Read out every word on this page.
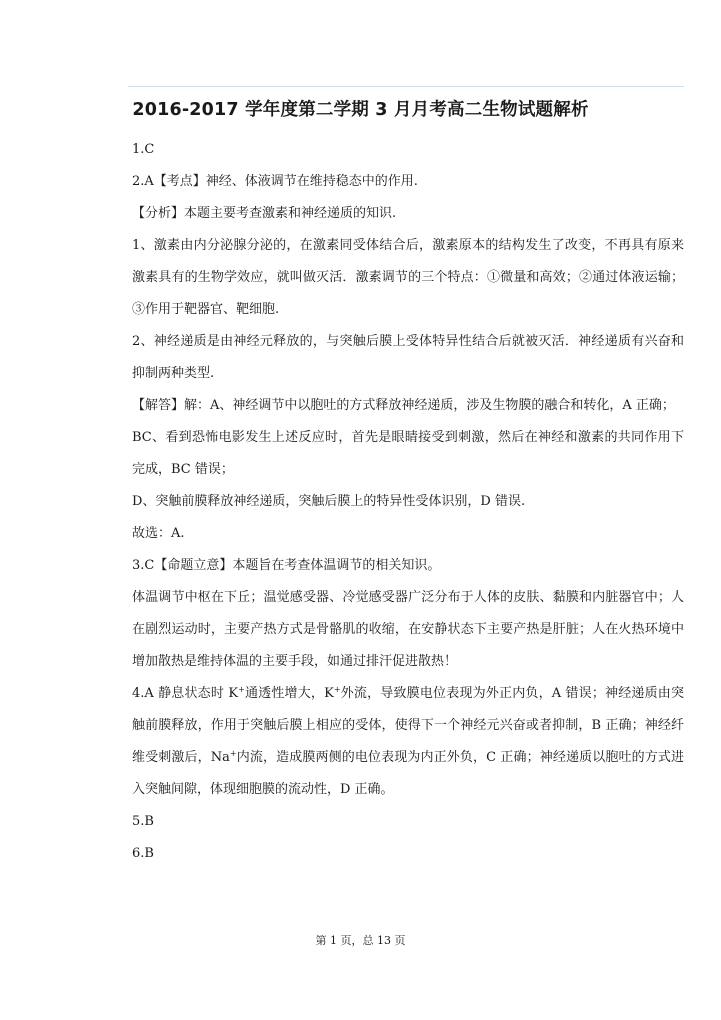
2016-2017 学年度第二学期 3 月月考高二生物试题解析

1.C

2.A【考点】神经、体液调节在维持稳态中的作用.

【分析】本题主要考查激素和神经递质的知识.

1、激素由内分泌腺分泌的，在激素同受体结合后，激素原本的结构发生了改变，不再具有原来激素具有的生物学效应，就叫做灭活．激素调节的三个特点：①微量和高效；②通过体液运输；③作用于靶器官、靶细胞.

2、神经递质是由神经元释放的，与突触后膜上受体特异性结合后就被灭活．神经递质有兴奋和抑制两种类型.

【解答】解：A、神经调节中以胞吐的方式释放神经递质，涉及生物膜的融合和转化，A 正确；

BC、看到恐怖电影发生上述反应时，首先是眼睛接受到刺激，然后在神经和激素的共同作用下完成，BC 错误；

D、突触前膜释放神经递质，突触后膜上的特异性受体识别，D 错误.

故选：A.

3.C【命题立意】本题旨在考查体温调节的相关知识。

体温调节中枢在下丘；温觉感受器、冷觉感受器广泛分布于人体的皮肤、黏膜和内脏器官中；人在剧烈运动时，主要产热方式是骨骼肌的收缩，在安静状态下主要产热是肝脏；人在火热环境中增加散热是维持体温的主要手段，如通过排汗促进散热！

4.A 静息状态时 K+通透性增大，K+外流，导致膜电位表现为外正内负，A 错误；神经递质由突触前膜释放，作用于突触后膜上相应的受体，使得下一个神经元兴奋或者抑制，B 正确；神经纤维受刺激后，Na+内流，造成膜两侧的电位表现为内正外负，C 正确；神经递质以胞吐的方式进入突触间隙，体现细胞膜的流动性，D 正确。

5.B

6.B

第 1 页，总 13 页
